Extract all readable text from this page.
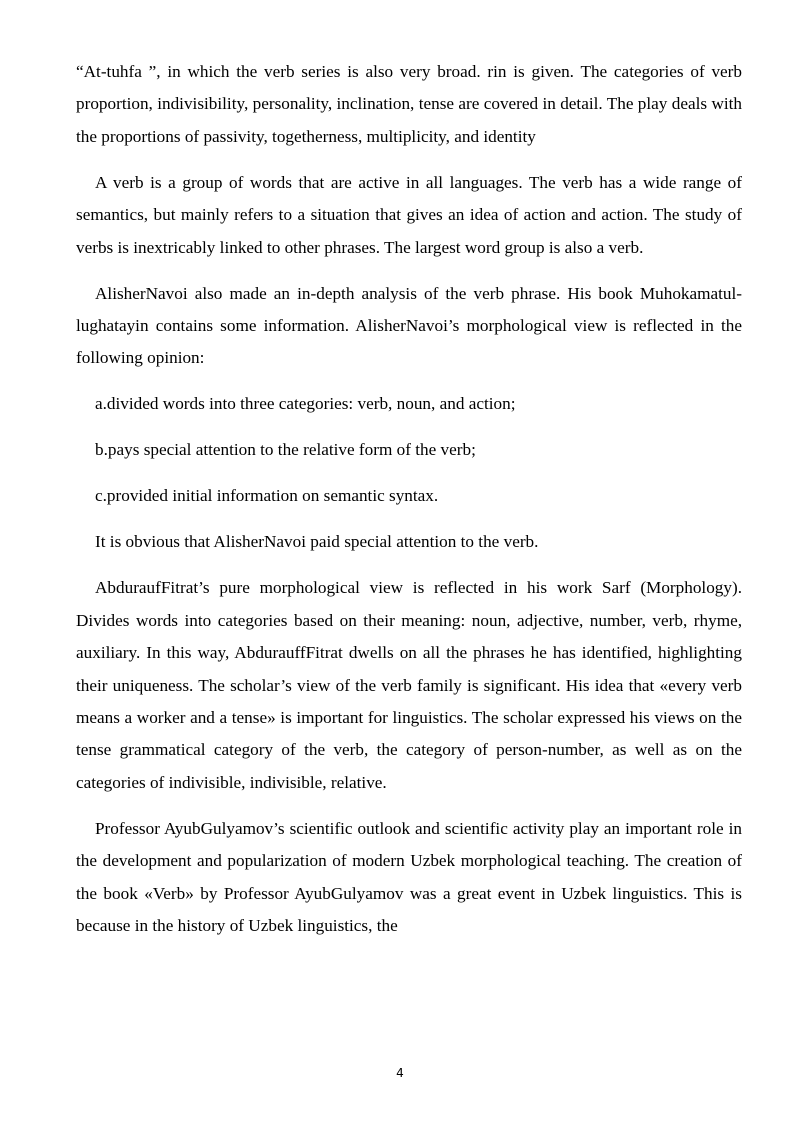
“At-tuhfa ”, in which the verb series is also very broad. rin is given. The categories of verb proportion, indivisibility, personality, inclination, tense are covered in detail. The play deals with the proportions of passivity, togetherness, multiplicity, and identity

A verb is a group of words that are active in all languages. The verb has a wide range of semantics, but mainly refers to a situation that gives an idea of action and action. The study of verbs is inextricably linked to other phrases. The largest word group is also a verb.

AlisherNavoi also made an in-depth analysis of the verb phrase. His book Muhokamatul-lughatayin contains some information. AlisherNavoi’s morphological view is reflected in the following opinion:

a.divided words into three categories: verb, noun, and action;

b.pays special attention to the relative form of the verb;

c.provided initial information on semantic syntax.

It is obvious that AlisherNavoi paid special attention to the verb.

AbduraufFitrat’s pure morphological view is reflected in his work Sarf (Morphology). Divides words into categories based on their meaning: noun, adjective, number, verb, rhyme, auxiliary. In this way, AbdurauffFitrat dwells on all the phrases he has identified, highlighting their uniqueness. The scholar’s view of the verb family is significant. His idea that «every verb means a worker and a tense» is important for linguistics. The scholar expressed his views on the tense grammatical category of the verb, the category of person-number, as well as on the categories of indivisible, indivisible, relative.

Professor AyubGulyamov’s scientific outlook and scientific activity play an important role in the development and popularization of modern Uzbek morphological teaching. The creation of the book «Verb» by Professor AyubGulyamov was a great event in Uzbek linguistics. This is because in the history of Uzbek linguistics, the

4
